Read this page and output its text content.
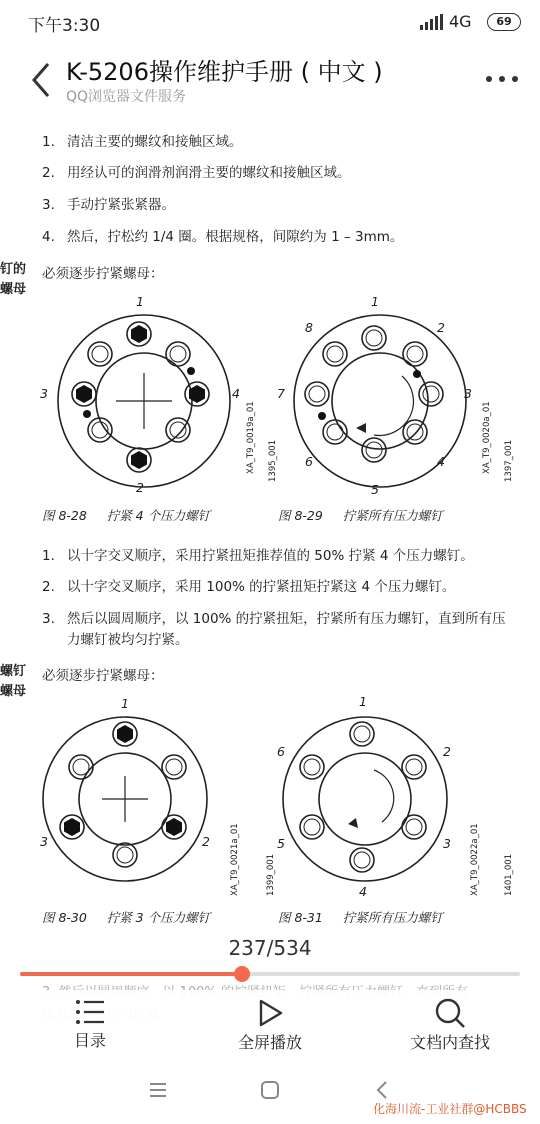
下午3:30	4G	69
K-5206操作维护手册 ( 中文 )
QQ浏览器文件服务
1. 清洁主要的螺纹和接触区域。
2. 用经认可的润滑剂润滑主要的螺纹和接触区域。
3. 手动拧紧张紧器。
4. 然后，拧松约 1/4 圈。根据规格，间隙约为 1 – 3mm。
钉的
螺母
必须逐步拧紧螺母：
1
4
2
3
XA_T9_0019a_01 1395_001
图 8-28     拧紧 4 个压力螺钉
1
2
3
4
5
6
7
8
XA_T9_0020a_01 1397_001
图 8-29     拧紧所有压力螺钉
1. 以十字交叉顺序，采用拧紧扭矩推荐值的 50% 拧紧 4 个压力螺钉。
2. 以十字交叉顺序，采用 100% 的拧紧扭矩拧紧这 4 个压力螺钉。
3. 然后以圆周顺序，以 100% 的拧紧扭矩，拧紧所有压力螺钉，直到所有压力螺钉被均匀拧紧。
螺钉
螺母
必须逐步拧紧螺母：
1
2
3	XA_T9_0021a_01	1399_001
图 8-30     拧紧 3 个压力螺钉
1
2
3
4
5
6
XA_T9_0022a_01	1401_001
图 8-31     拧紧所有压力螺钉
237/534
目录	全屏播放	文档内查找
化海川流-工业社群@HCBBS
